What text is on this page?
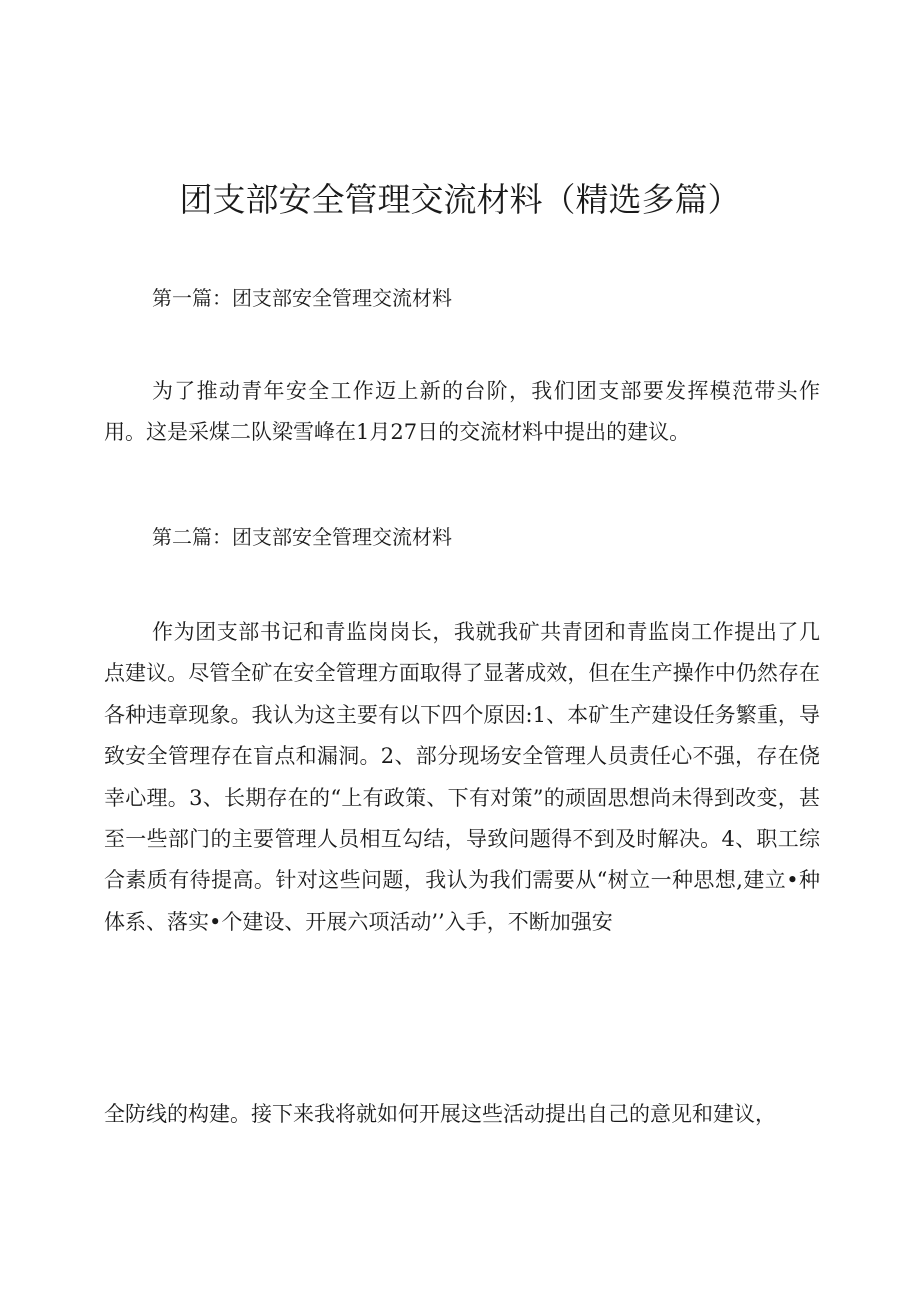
团支部安全管理交流材料（精选多篇）
第一篇：团支部安全管理交流材料

为了推动青年安全工作迈上新的台阶，我们团支部要发挥模范带头作用。这是采煤二队梁雪峰在1月27日的交流材料中提出的建议。

第二篇：团支部安全管理交流材料

作为团支部书记和青监岗岗长，我就我矿共青团和青监岗工作提出了几点建议。尽管全矿在安全管理方面取得了显著成效，但在生产操作中仍然存在各种违章现象。我认为这主要有以下四个原因:1、本矿生产建设任务繁重，导致安全管理存在盲点和漏洞。2、部分现场安全管理人员责任心不强，存在侥幸心理。3、长期存在的“上有政策、下有对策”的顽固思想尚未得到改变，甚至一些部门的主要管理人员相互勾结，导致问题得不到及时解决。4、职工综合素质有待提高。针对这些问题，我认为我们需要从“树立一种思想,建立•种体系、落实•个建设、开展六项活动’’入手，不断加强安

全防线的构建。接下来我将就如何开展这些活动提出自己的意见和建议，
